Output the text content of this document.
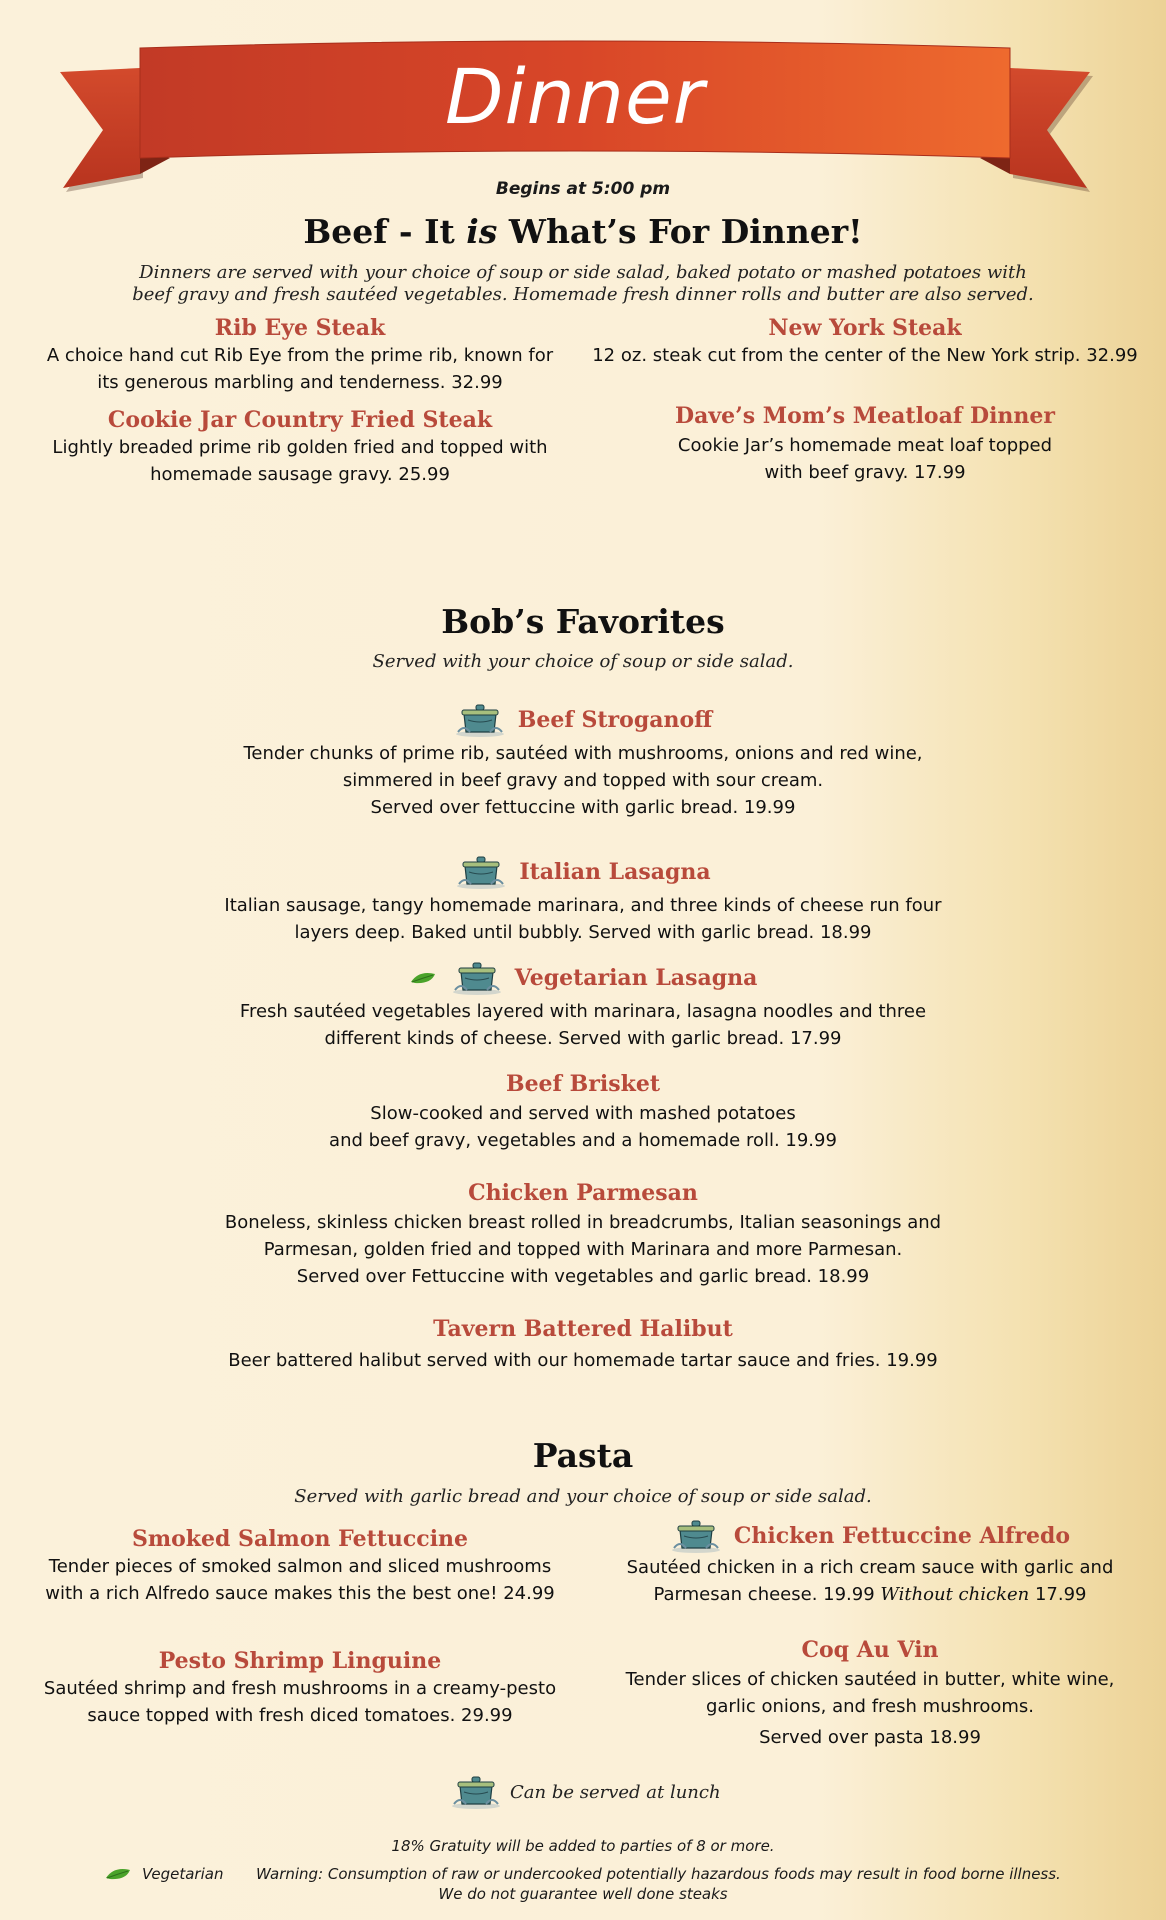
Dinner
Begins at 5:00 pm
Beef - It is What’s For Dinner!
Dinners are served with your choice of soup or side salad, baked potato or mashed potatoes with
beef gravy and fresh sautéed vegetables. Homemade fresh dinner rolls and butter are also served.
Rib Eye Steak
A choice hand cut Rib Eye from the prime rib, known for
its generous marbling and tenderness. 32.99
New York Steak
12 oz. steak cut from the center of the New York strip. 32.99
Cookie Jar Country Fried Steak
Lightly breaded prime rib golden fried and topped with
homemade sausage gravy. 25.99
Dave’s Mom’s Meatloaf Dinner
Cookie Jar’s homemade meat loaf topped
with beef gravy. 17.99
Bob’s Favorites
Served with your choice of soup or side salad.
Beef Stroganoff
Tender chunks of prime rib, sautéed with mushrooms, onions and red wine,
simmered in beef gravy and topped with sour cream.
Served over fettuccine with garlic bread. 19.99
Italian Lasagna
Italian sausage, tangy homemade marinara, and three kinds of cheese run four
layers deep. Baked until bubbly. Served with garlic bread. 18.99
Vegetarian Lasagna
Fresh sautéed vegetables layered with marinara, lasagna noodles and three
different kinds of cheese. Served with garlic bread. 17.99
Beef Brisket
Slow-cooked and served with mashed potatoes
and beef gravy, vegetables and a homemade roll. 19.99
Chicken Parmesan
Boneless, skinless chicken breast rolled in breadcrumbs, Italian seasonings and
Parmesan, golden fried and topped with Marinara and more Parmesan.
Served over Fettuccine with vegetables and garlic bread. 18.99
Tavern Battered Halibut
Beer battered halibut served with our homemade tartar sauce and fries. 19.99
Pasta
Served with garlic bread and your choice of soup or side salad.
Smoked Salmon Fettuccine
Tender pieces of smoked salmon and sliced mushrooms
with a rich Alfredo sauce makes this the best one! 24.99
Chicken Fettuccine Alfredo
Sautéed chicken in a rich cream sauce with garlic and
Parmesan cheese. 19.99 Without chicken 17.99
Pesto Shrimp Linguine
Sautéed shrimp and fresh mushrooms in a creamy-pesto
sauce topped with fresh diced tomatoes. 29.99
Coq Au Vin
Tender slices of chicken sautéed in butter, white wine,
garlic onions, and fresh mushrooms.
Served over pasta 18.99
Can be served at lunch
18% Gratuity will be added to parties of 8 or more.
Vegetarian Warning: Consumption of raw or undercooked potentially hazardous foods may result in food borne illness.
We do not guarantee well done steaks
